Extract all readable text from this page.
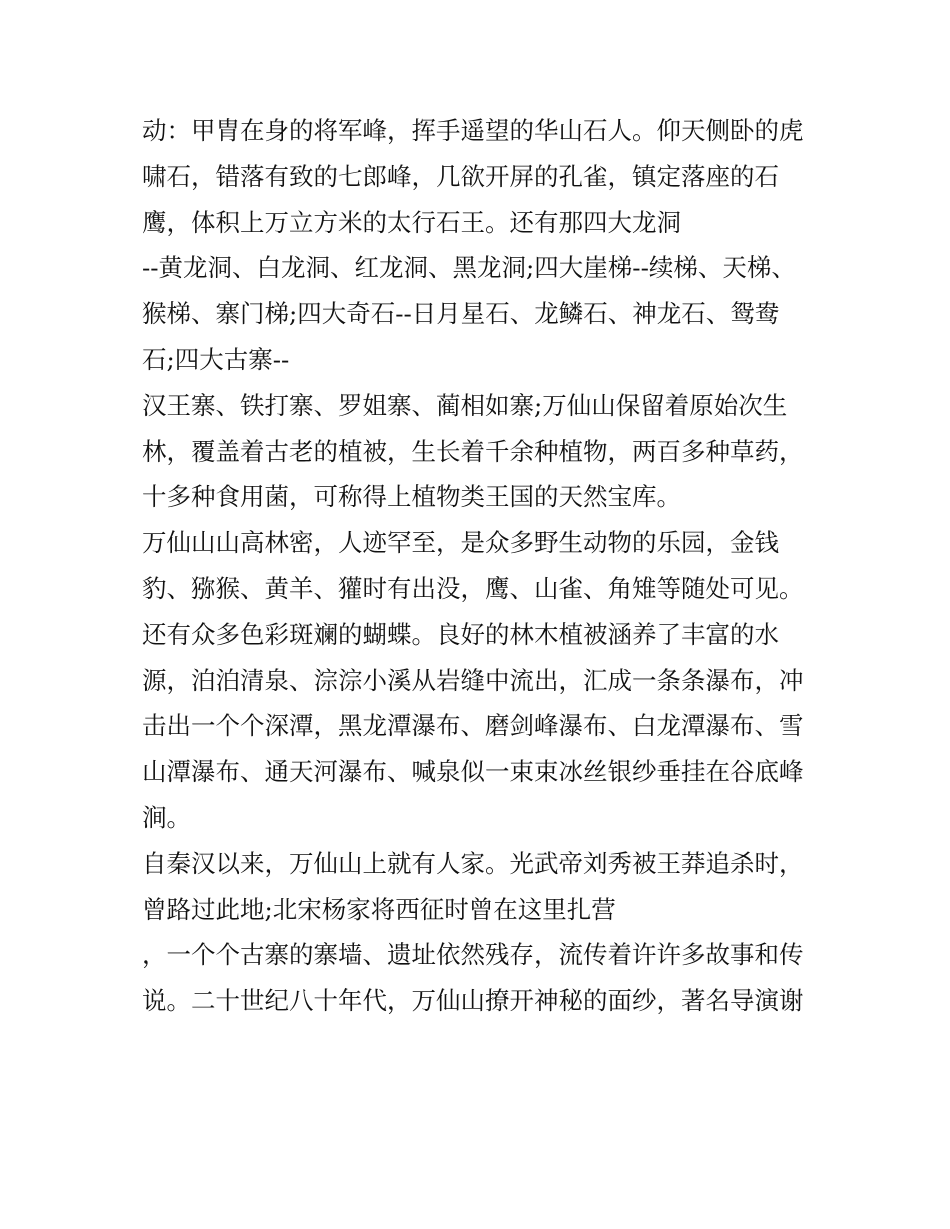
动：甲胄在身的将军峰，挥手遥望的华山石人。仰天侧卧的虎
啸石，错落有致的七郎峰，几欲开屏的孔雀，镇定落座的石
鹰，体积上万立方米的太行石王。还有那四大龙洞
--黄龙洞、白龙洞、红龙洞、黑龙洞;四大崖梯--续梯、天梯、
猴梯、寨门梯;四大奇石--日月星石、龙鳞石、神龙石、鸳鸯
石;四大古寨--
汉王寨、铁打寨、罗姐寨、蔺相如寨;万仙山保留着原始次生
林，覆盖着古老的植被，生长着千余种植物，两百多种草药，
十多种食用菌，可称得上植物类王国的天然宝库。
万仙山山高林密，人迹罕至，是众多野生动物的乐园，金钱
豹、猕猴、黄羊、獾时有出没，鹰、山雀、角雉等随处可见。
还有众多色彩斑斓的蝴蝶。良好的林木植被涵养了丰富的水
源，泊泊清泉、淙淙小溪从岩缝中流出，汇成一条条瀑布，冲
击出一个个深潭，黑龙潭瀑布、磨剑峰瀑布、白龙潭瀑布、雪
山潭瀑布、通天河瀑布、喊泉似一束束冰丝银纱垂挂在谷底峰
涧。
自秦汉以来，万仙山上就有人家。光武帝刘秀被王莽追杀时，
曾路过此地;北宋杨家将西征时曾在这里扎营
，一个个古寨的寨墙、遗址依然残存，流传着许许多故事和传
说。二十世纪八十年代，万仙山撩开神秘的面纱，著名导演谢
